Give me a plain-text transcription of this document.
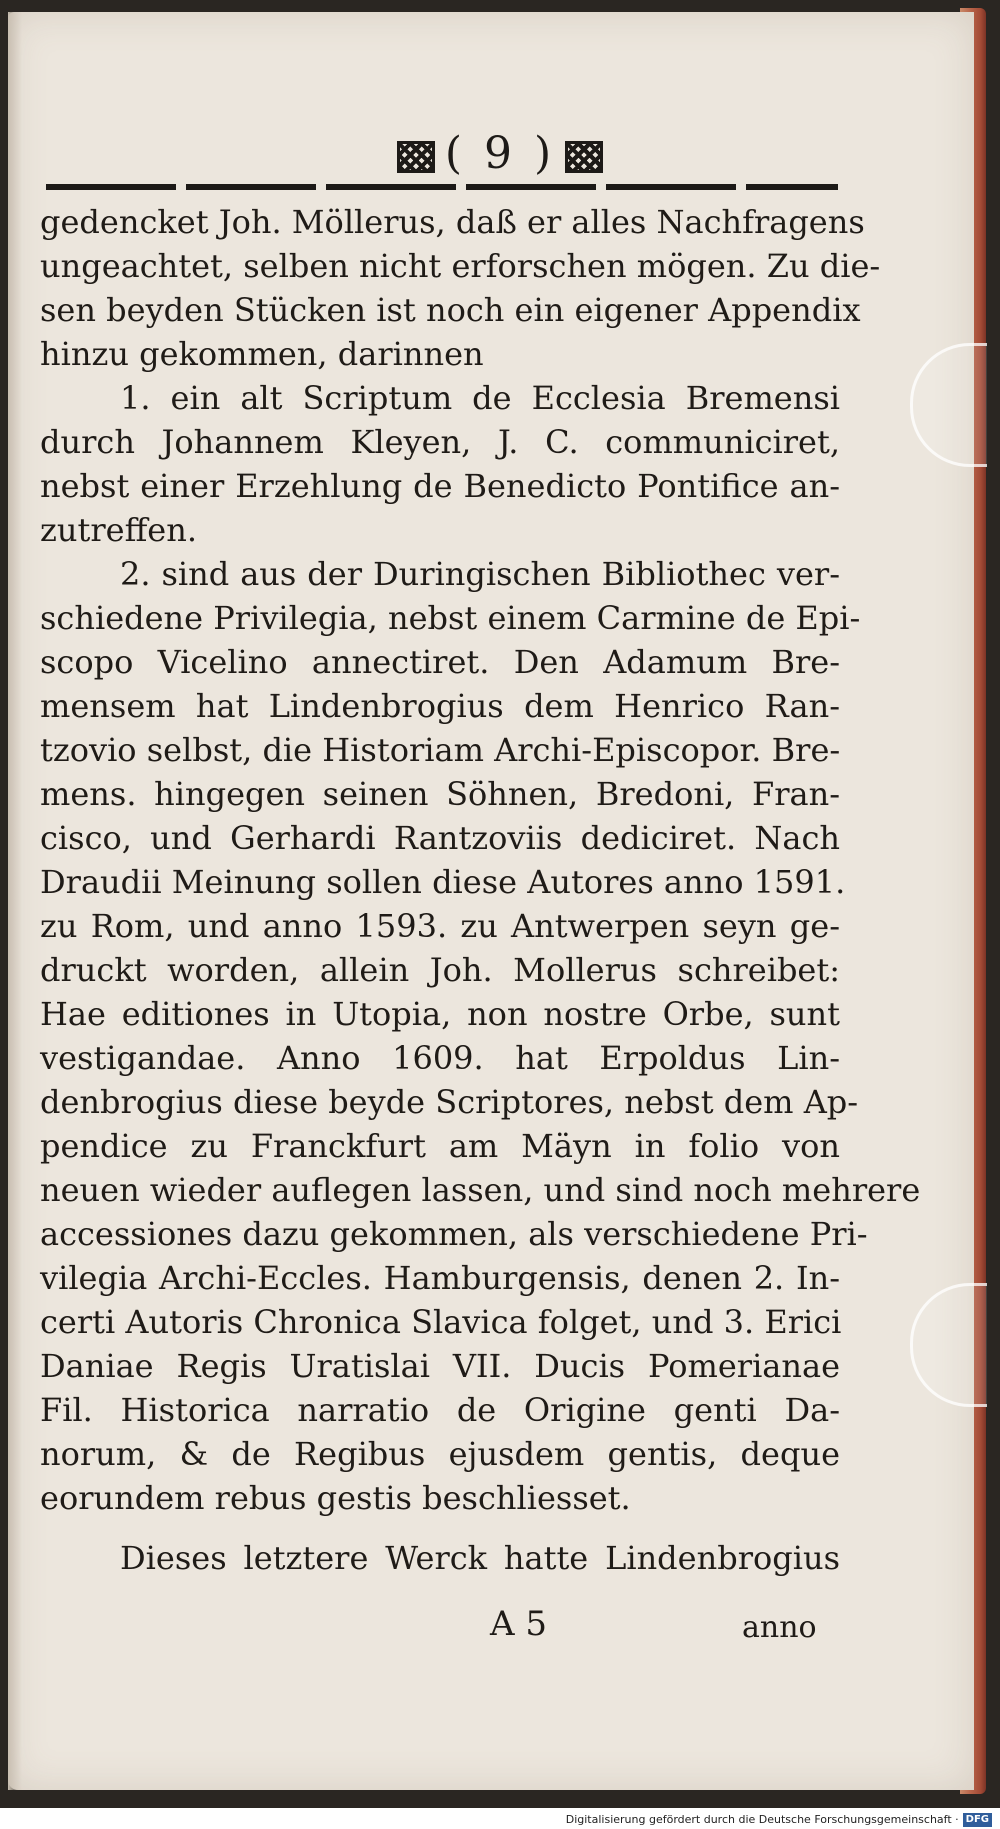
( 9 )
gedencket Joh. Möllerus, daß er alles Nachfragens
ungeachtet, selben nicht erforschen mögen. Zu die-
sen beyden Stücken ist noch ein eigener Appendix
hinzu gekommen, darinnen
1. ein alt Scriptum de Ecclesia Bremensi
durch Johannem Kleyen, J. C. communiciret,
nebst einer Erzehlung de Benedicto Pontifice an-
zutreffen.
2. sind aus der Duringischen Bibliothec ver-
schiedene Privilegia, nebst einem Carmine de Epi-
scopo Vicelino annectiret. Den Adamum Bre-
mensem hat Lindenbrogius dem Henrico Ran-
tzovio selbst, die Historiam Archi-Episcopor. Bre-
mens. hingegen seinen Söhnen, Bredoni, Fran-
cisco, und Gerhardi Rantzoviis dediciret. Nach
Draudii Meinung sollen diese Autores anno 1591.
zu Rom, und anno 1593. zu Antwerpen seyn ge-
druckt worden, allein Joh. Mollerus schreibet:
Hae editiones in Utopia, non nostre Orbe, sunt
vestigandae. Anno 1609. hat Erpoldus Lin-
denbrogius diese beyde Scriptores, nebst dem Ap-
pendice zu Franckfurt am Mäyn in folio von
neuen wieder auflegen lassen, und sind noch mehrere
accessiones dazu gekommen, als verschiedene Pri-
vilegia Archi-Eccles. Hamburgensis, denen 2. In-
certi Autoris Chronica Slavica folget, und 3. Erici
Daniae Regis Uratislai VII. Ducis Pomerianae
Fil. Historica narratio de Origine genti Da-
norum, & de Regibus ejusdem gentis, deque
eorundem rebus gestis beschliesset.
Dieses letztere Werck hatte Lindenbrogius
A 5	anno
Digitalisierung gefördert durch die Deutsche Forschungsgemeinschaft · DFG
